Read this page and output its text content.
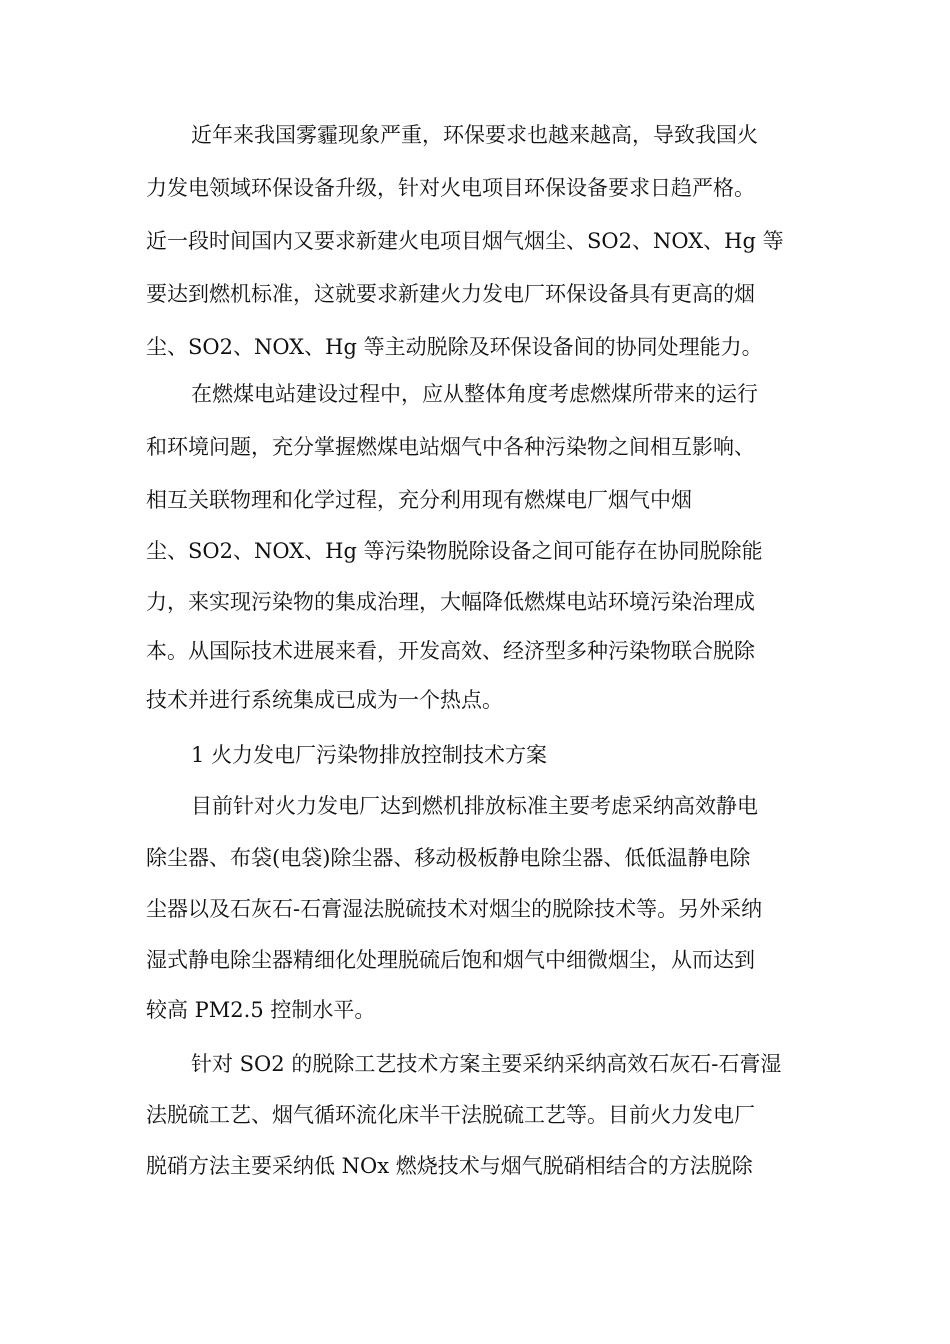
近年来我国雾霾现象严重，环保要求也越来越高，导致我国火

力发电领域环保设备升级，针对火电项目环保设备要求日趋严格。

近一段时间国内又要求新建火电项目烟气烟尘、SO2、NOX、Hg 等

要达到燃机标准，这就要求新建火力发电厂环保设备具有更高的烟

尘、SO2、NOX、Hg 等主动脱除及环保设备间的协同处理能力。

在燃煤电站建设过程中，应从整体角度考虑燃煤所带来的运行

和环境问题，充分掌握燃煤电站烟气中各种污染物之间相互影响、

相互关联物理和化学过程，充分利用现有燃煤电厂烟气中烟

尘、SO2、NOX、Hg 等污染物脱除设备之间可能存在协同脱除能

力，来实现污染物的集成治理，大幅降低燃煤电站环境污染治理成

本。从国际技术进展来看，开发高效、经济型多种污染物联合脱除

技术并进行系统集成已成为一个热点。

1 火力发电厂污染物排放控制技术方案

目前针对火力发电厂达到燃机排放标准主要考虑采纳高效静电

除尘器、布袋(电袋)除尘器、移动极板静电除尘器、低低温静电除

尘器以及石灰石-石膏湿法脱硫技术对烟尘的脱除技术等。另外采纳

湿式静电除尘器精细化处理脱硫后饱和烟气中细微烟尘，从而达到

较高 PM2.5 控制水平。

针对 SO2 的脱除工艺技术方案主要采纳采纳高效石灰石-石膏湿

法脱硫工艺、烟气循环流化床半干法脱硫工艺等。目前火力发电厂

脱硝方法主要采纳低 NOx 燃烧技术与烟气脱硝相结合的方法脱除
